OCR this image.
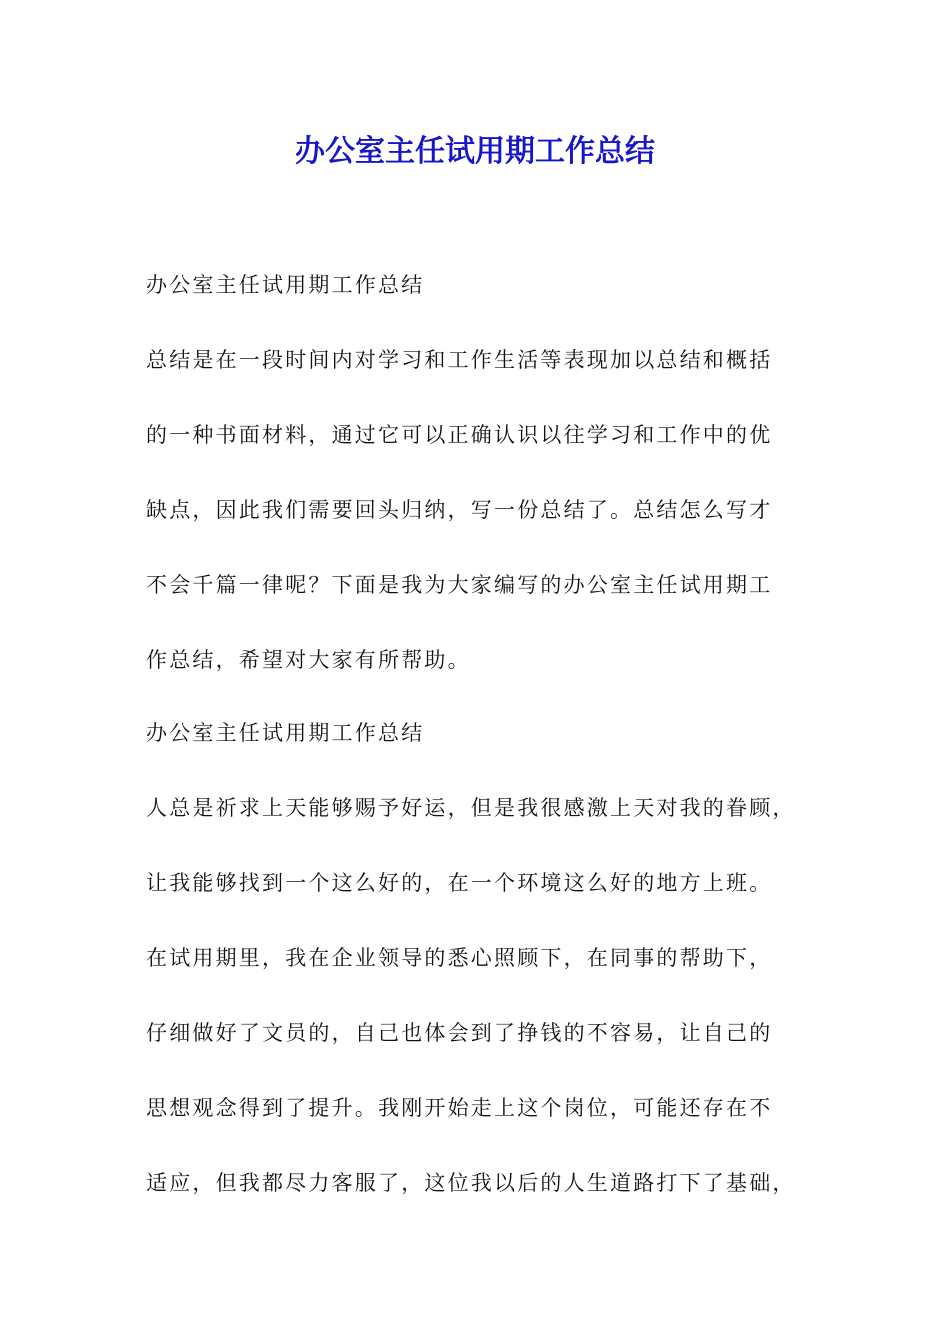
办公室主任试用期工作总结

办公室主任试用期工作总结

总结是在一段时间内对学习和工作生活等表现加以总结和概括

的一种书面材料，通过它可以正确认识以往学习和工作中的优

缺点，因此我们需要回头归纳，写一份总结了。总结怎么写才

不会千篇一律呢？下面是我为大家编写的办公室主任试用期工

作总结，希望对大家有所帮助。

办公室主任试用期工作总结

人总是祈求上天能够赐予好运，但是我很感激上天对我的眷顾，

让我能够找到一个这么好的，在一个环境这么好的地方上班。

在试用期里，我在企业领导的悉心照顾下，在同事的帮助下，

仔细做好了文员的，自己也体会到了挣钱的不容易，让自己的

思想观念得到了提升。我刚开始走上这个岗位，可能还存在不

适应，但我都尽力客服了，这位我以后的人生道路打下了基础，
